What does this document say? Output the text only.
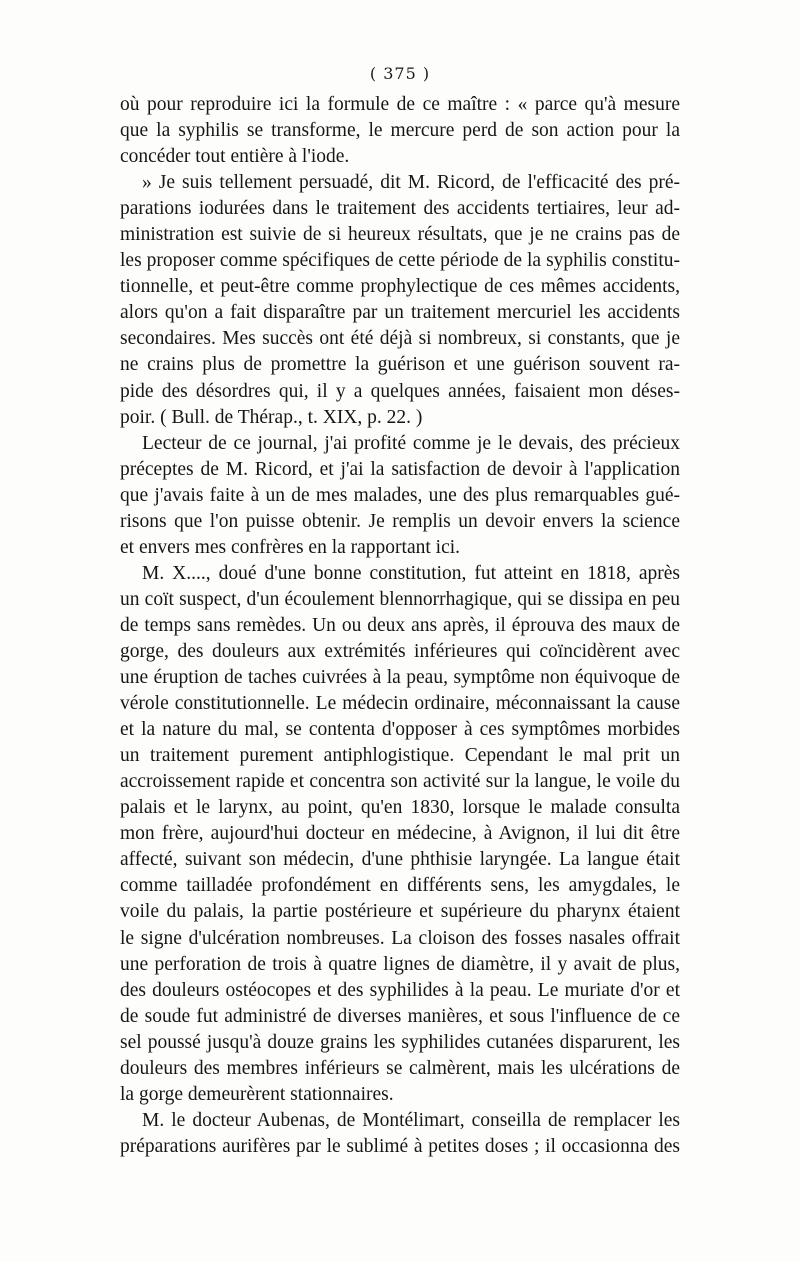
( 375 )
où pour reproduire ici la formule de ce maître : « parce qu'à mesure
que la syphilis se transforme, le mercure perd de son action pour la
concéder tout entière à l'iode.
» Je suis tellement persuadé, dit M. Ricord, de l'efficacité des pré-
parations iodurées dans le traitement des accidents tertiaires, leur ad-
ministration est suivie de si heureux résultats, que je ne crains pas de
les proposer comme spécifiques de cette période de la syphilis constitu-
tionnelle, et peut-être comme prophylectique de ces mêmes accidents,
alors qu'on a fait disparaître par un traitement mercuriel les accidents
secondaires. Mes succès ont été déjà si nombreux, si constants, que je
ne crains plus de promettre la guérison et une guérison souvent ra-
pide des désordres qui, il y a quelques années, faisaient mon déses-
poir. ( Bull. de Thérap., t. XIX, p. 22. )
Lecteur de ce journal, j'ai profité comme je le devais, des précieux
préceptes de M. Ricord, et j'ai la satisfaction de devoir à l'application
que j'avais faite à un de mes malades, une des plus remarquables gué-
risons que l'on puisse obtenir. Je remplis un devoir envers la science
et envers mes confrères en la rapportant ici.
M. X...., doué d'une bonne constitution, fut atteint en 1818, après
un coït suspect, d'un écoulement blennorrhagique, qui se dissipa en peu
de temps sans remèdes. Un ou deux ans après, il éprouva des maux de
gorge, des douleurs aux extrémités inférieures qui coïncidèrent avec
une éruption de taches cuivrées à la peau, symptôme non équivoque de
vérole constitutionnelle. Le médecin ordinaire, méconnaissant la cause
et la nature du mal, se contenta d'opposer à ces symptômes morbides
un traitement purement antiphlogistique. Cependant le mal prit un
accroissement rapide et concentra son activité sur la langue, le voile du
palais et le larynx, au point, qu'en 1830, lorsque le malade consulta
mon frère, aujourd'hui docteur en médecine, à Avignon, il lui dit être
affecté, suivant son médecin, d'une phthisie laryngée. La langue était
comme tailladée profondément en différents sens, les amygdales, le
voile du palais, la partie postérieure et supérieure du pharynx étaient
le signe d'ulcération nombreuses. La cloison des fosses nasales offrait
une perforation de trois à quatre lignes de diamètre, il y avait de plus,
des douleurs ostéocopes et des syphilides à la peau. Le muriate d'or et
de soude fut administré de diverses manières, et sous l'influence de ce
sel poussé jusqu'à douze grains les syphilides cutanées disparurent, les
douleurs des membres inférieurs se calmèrent, mais les ulcérations de
la gorge demeurèrent stationnaires.
M. le docteur Aubenas, de Montélimart, conseilla de remplacer les
préparations aurifères par le sublimé à petites doses ; il occasionna des
